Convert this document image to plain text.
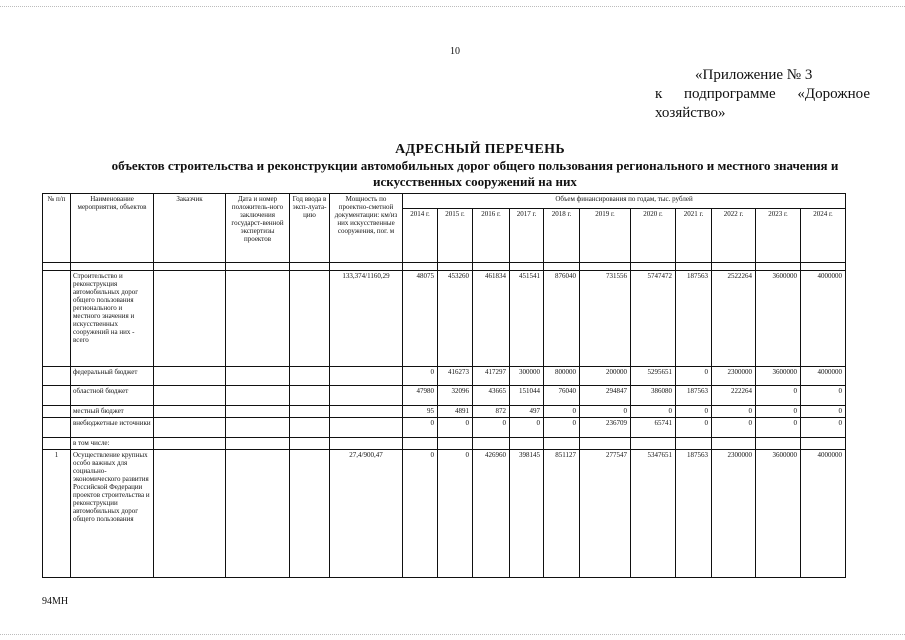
10
«Приложение № 3
к подпрограмме «Дорожное
хозяйство»
АДРЕСНЫЙ ПЕРЕЧЕНЬ
объектов строительства и реконструкции автомобильных дорог общего пользования регионального и местного значения и искусственных сооружений на них
№ п/п	Наименование мероприятия, объектов	Заказчик	Дата и номер положитель-ного заключения государст-венной экспертизы проектов	Год ввода в эксп-луата-цию	Мощность по проектно-сметной документации: км/из них искусственные сооружения, пог. м	Объем финансирования по годам, тыс. рублей										
						2014 г.	2015 г.	2016 г.	2017 г.	2018 г.	2019 г.	2020 г.	2021 г.	2022 г.	2023 г.	2024 г.

	Строительство и реконструкция автомобильных дорог общего пользования регионального и местного значения и искусственных сооружений на них - всего				133,374/1160,29	48075	453260	461834	451541	876040	731556	5747472	187563	2522264	3600000	4000000
	федеральный бюджет					0	416273	417297	300000	800000	200000	5295651	0	2300000	3600000	4000000
	областной бюджет					47980	32096	43665	151044	76040	294847	386080	187563	222264	0	0
	местный бюджет					95	4891	872	497	0	0	0	0	0	0	0
	внебюджетные источники					0	0	0	0	0	236709	65741	0	0	0	0
	в том числе:															
1	Осуществление крупных особо важных для социально-экономического развития Российской Федерации проектов строительства и реконструкции автомобильных дорог общего пользования				27,4/900,47	0	0	426960	398145	851127	277547	5347651	187563	2300000	3600000	4000000
94МН
